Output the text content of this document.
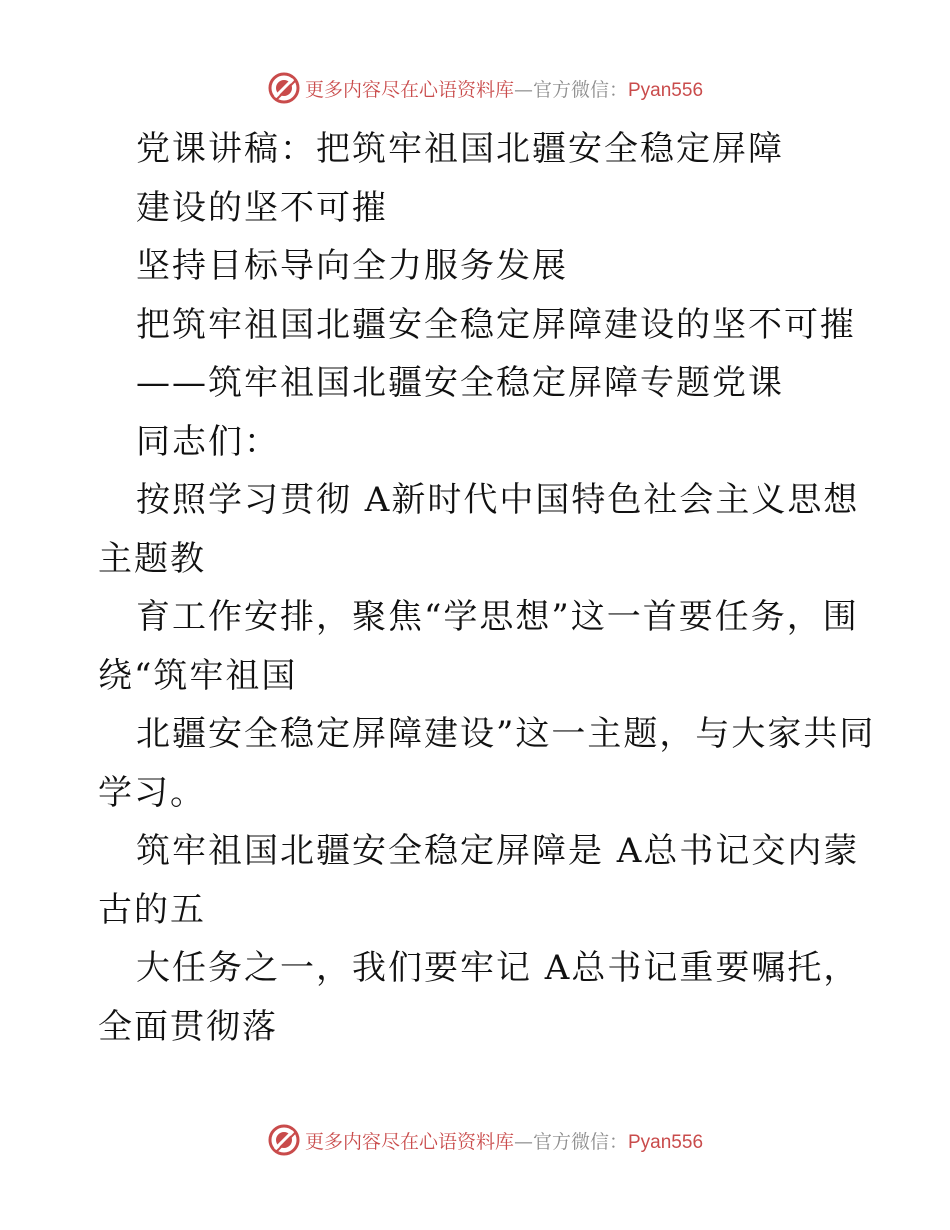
更多内容尽在心语资料库—官方微信：Pyan556
党课讲稿：把筑牢祖国北疆安全稳定屏障
建设的坚不可摧
坚持目标导向全力服务发展
把筑牢祖国北疆安全稳定屏障建设的坚不可摧
——筑牢祖国北疆安全稳定屏障专题党课
同志们：
按照学习贯彻 A新时代中国特色社会主义思想
主题教
育工作安排，聚焦“学思想”这一首要任务，围
绕“筑牢祖国
北疆安全稳定屏障建设”这一主题，与大家共同
学习。
筑牢祖国北疆安全稳定屏障是 A总书记交内蒙
古的五
大任务之一，我们要牢记 A总书记重要嘱托，
全面贯彻落
更多内容尽在心语资料库—官方微信：Pyan556
